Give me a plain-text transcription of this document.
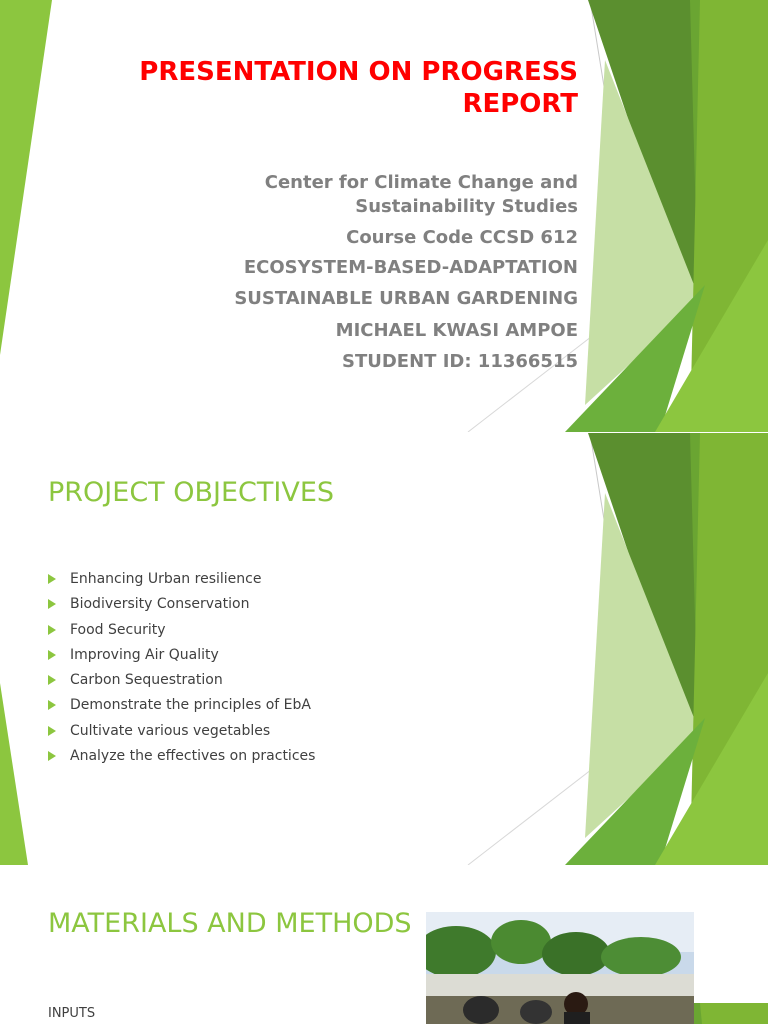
PRESENTATION ON PROGRESS
REPORT

Center for Climate Change and

Sustainability Studies

Course Code CCSD 612

ECOSYSTEM-BASED-ADAPTATION

SUSTAINABLE URBAN GARDENING

MICHAEL KWASI AMPOE

STUDENT ID: 11366515

PROJECT OBJECTIVES
Enhancing Urban resilience
Biodiversity Conservation
Food Security
Improving Air Quality
Carbon Sequestration
Demonstrate the principles of EbA
Cultivate various vegetables
Analyze the effectives on practices
MATERIALS AND METHODS

INPUTS
